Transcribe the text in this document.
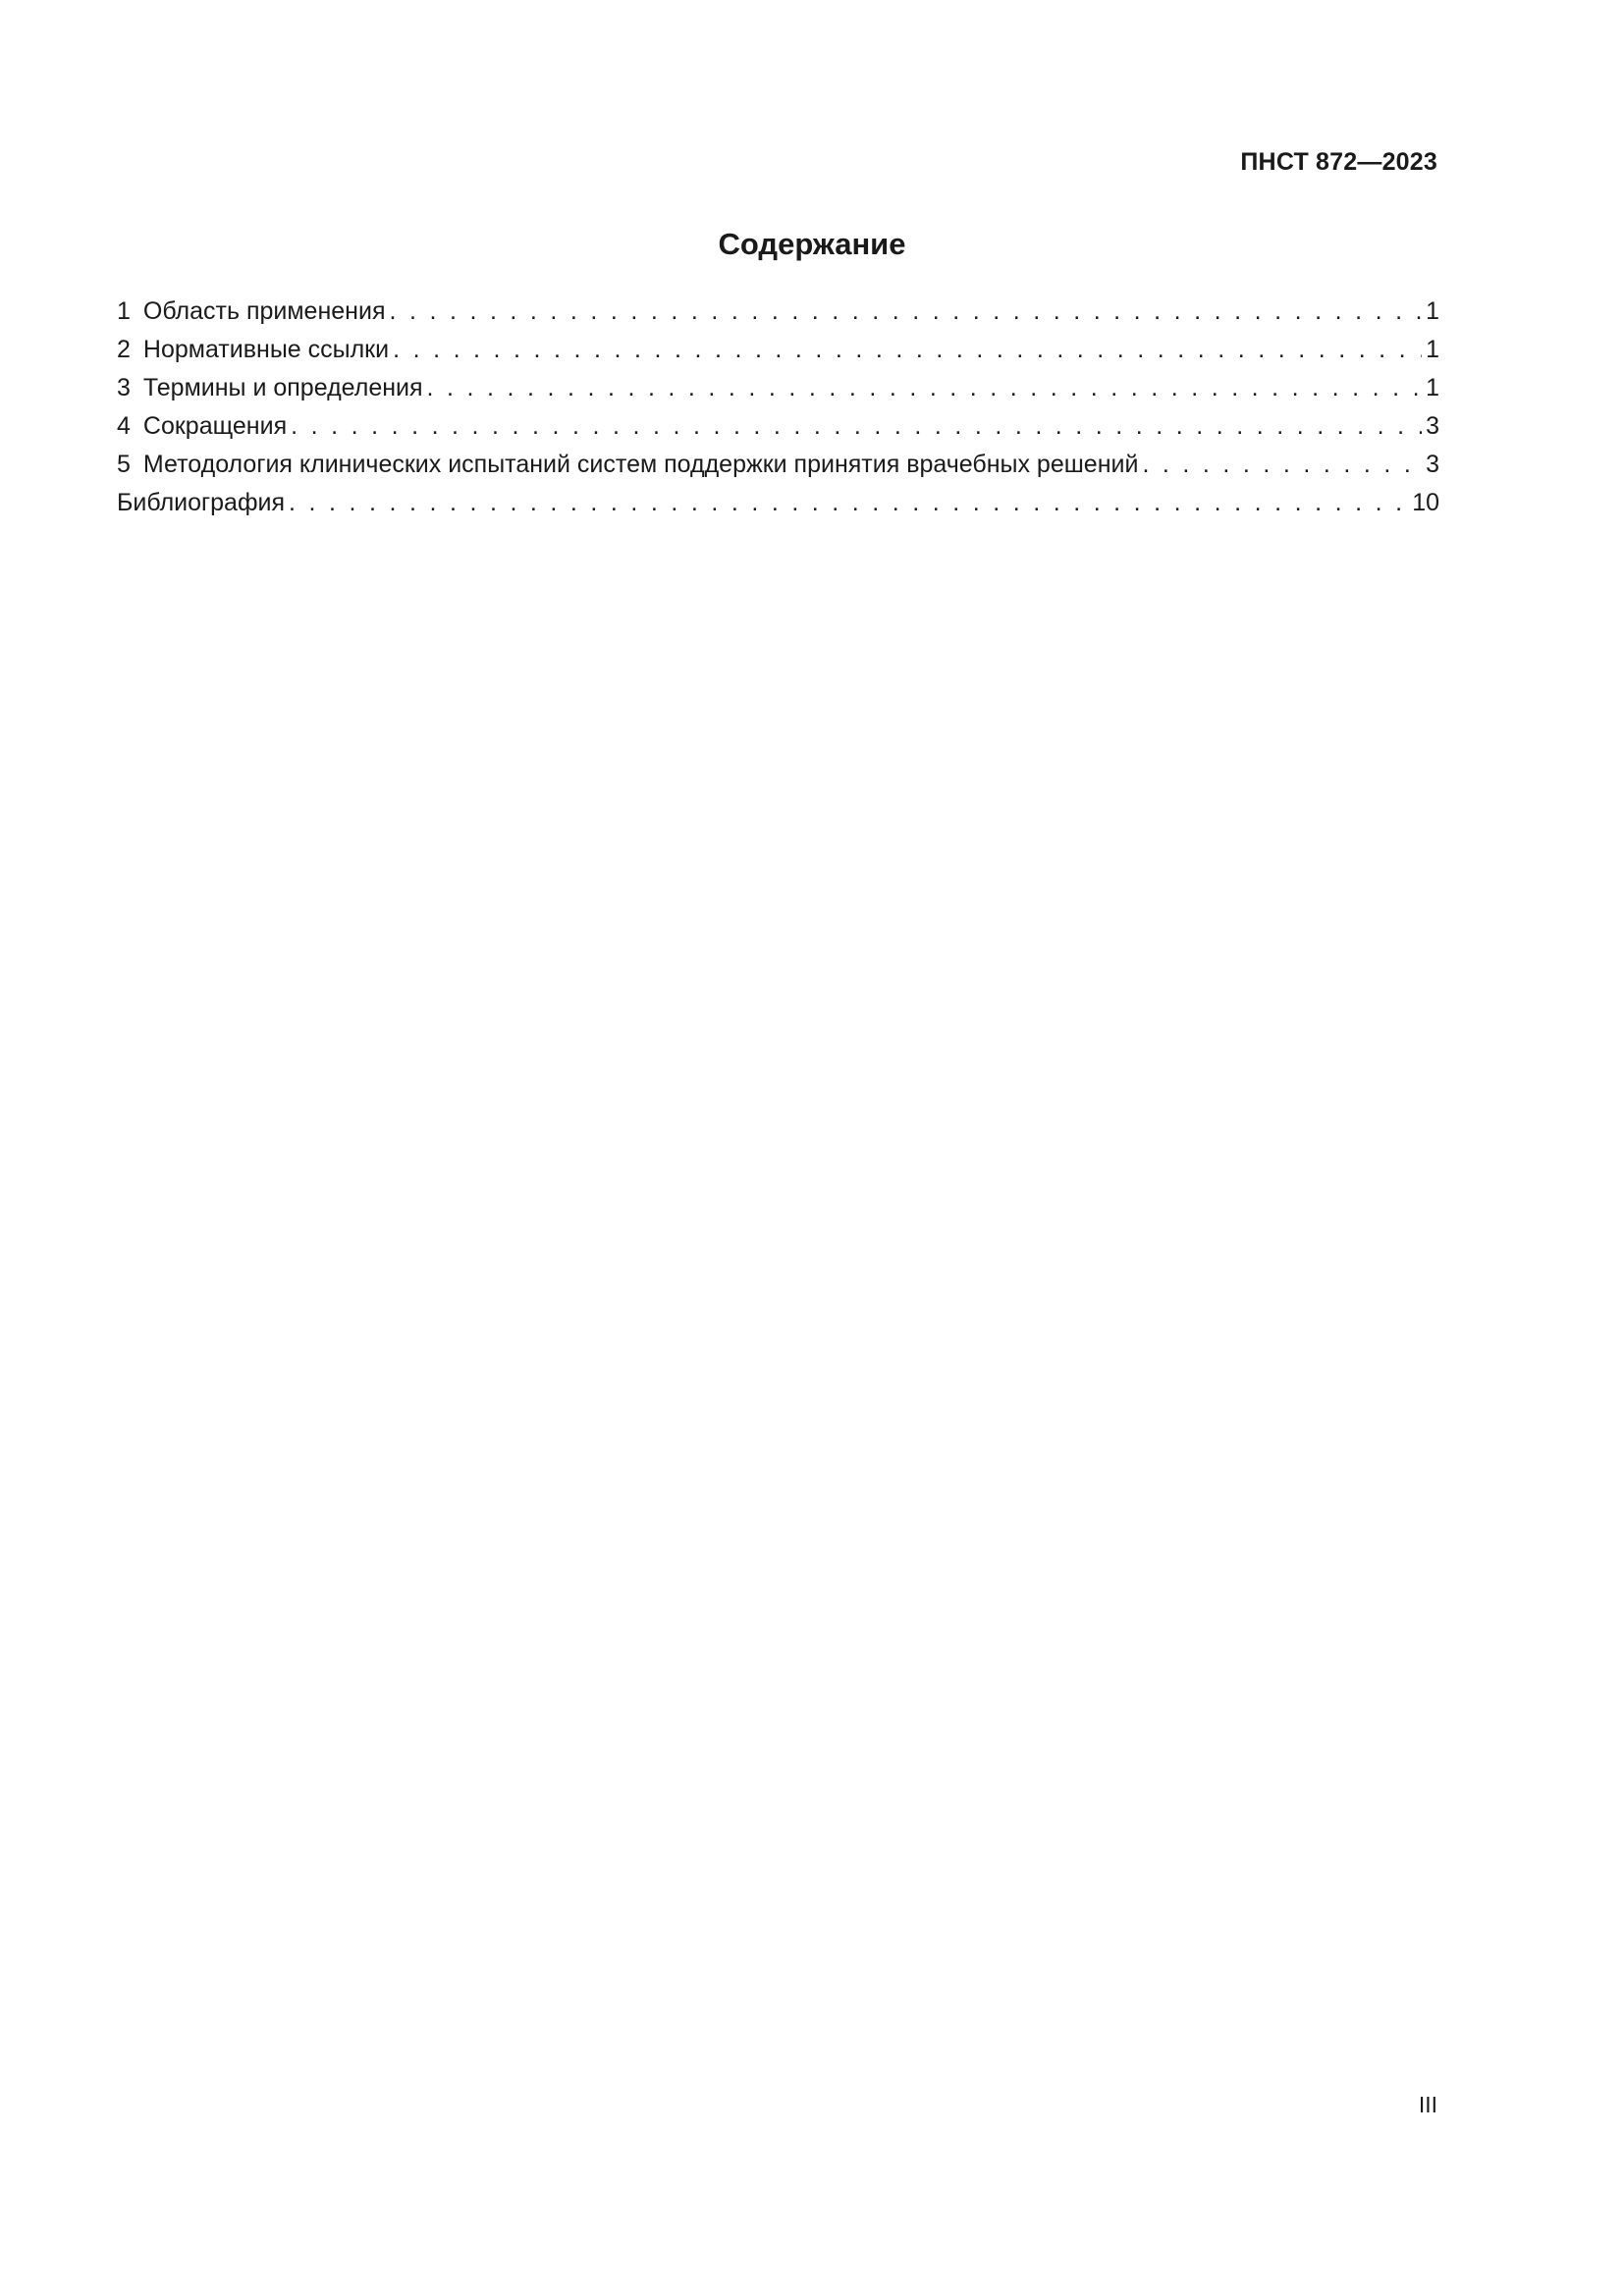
ПНСТ 872—2023
Содержание
1 Область применения . . .	1
2 Нормативные ссылки . . .	1
3 Термины и определения . . .	1
4 Сокращения . . .	3
5 Методология клинических испытаний систем поддержки принятия врачебных решений . . .	3
Библиография . . .	10
III
